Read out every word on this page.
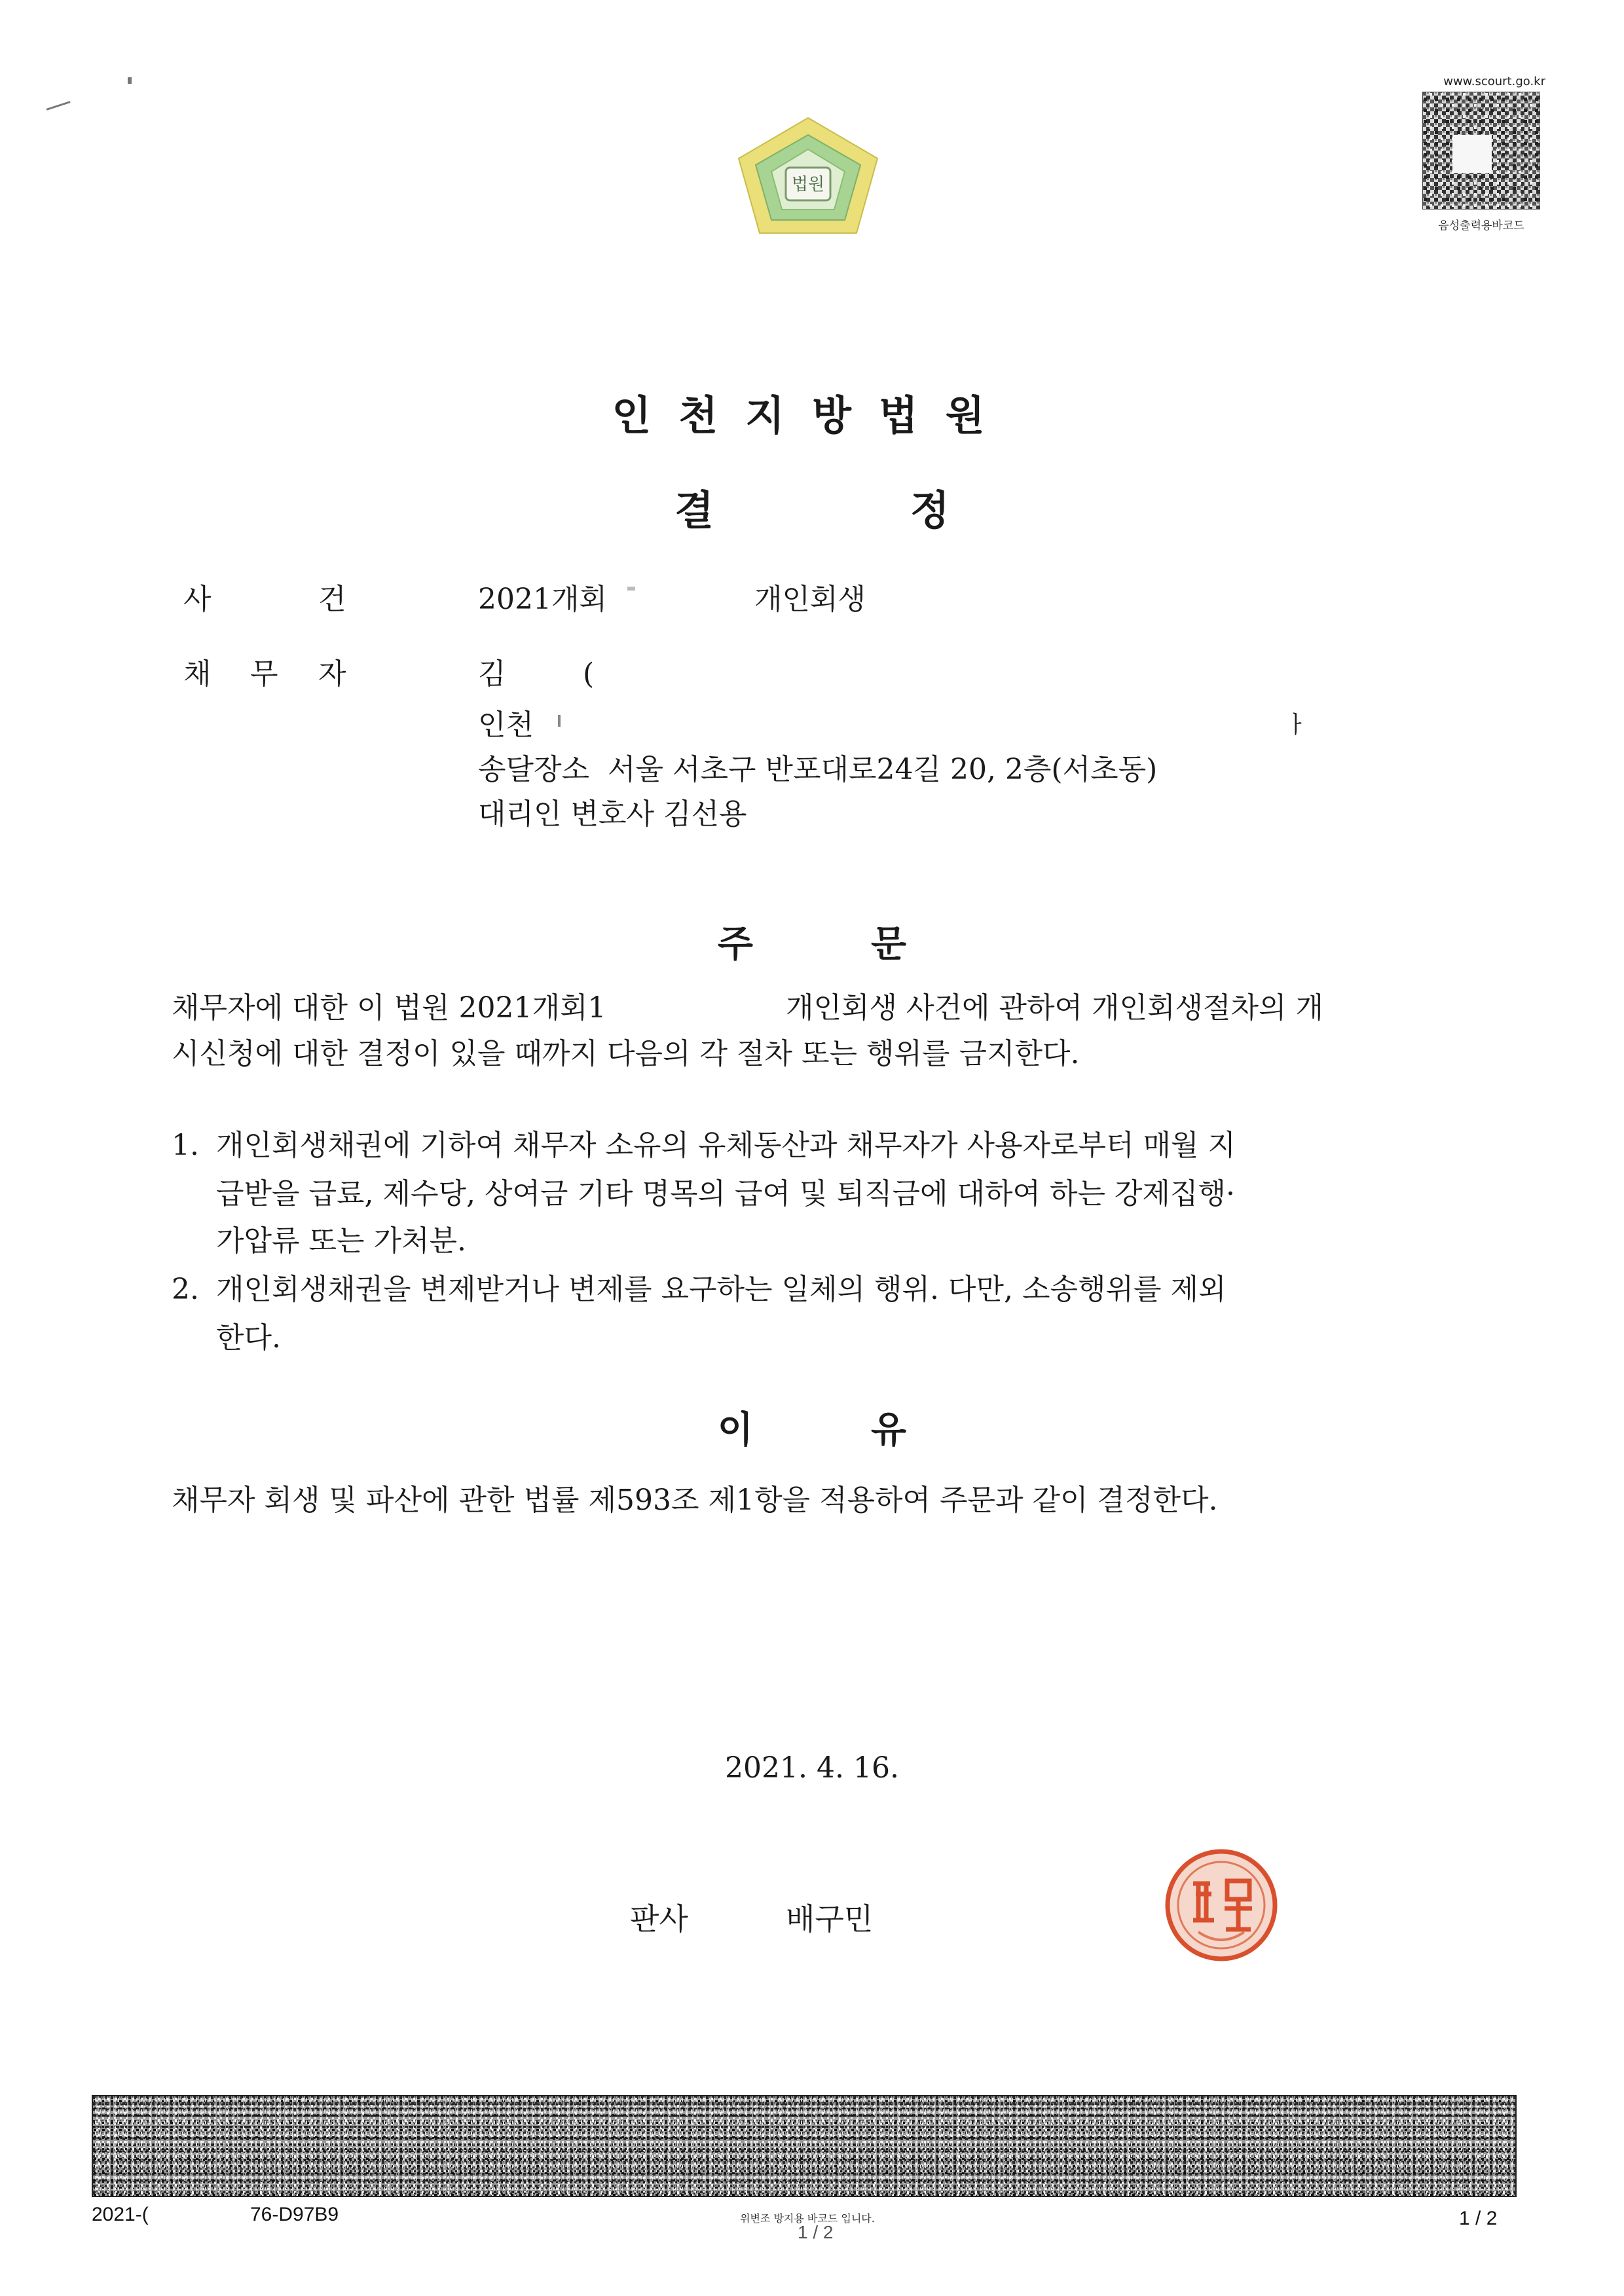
법원
www.scourt.go.kr
음성출력용바코드
인천지방법원
결	정
사	건	2021개회	개인회생
채 무 자	김	(
인천	ㅏ
송달장소  서울 서초구 반포대로24길 20, 2층(서초동)
대리인 변호사 김선용
주	문
채무자에 대한 이 법원 2021개회1	개인회생 사건에 관하여 개인회생절차의 개
시신청에 대한 결정이 있을 때까지 다음의 각 절차 또는 행위를 금지한다.
1. 개인회생채권에 기하여 채무자 소유의 유체동산과 채무자가 사용자로부터 매월 지
급받을 급료, 제수당, 상여금 기타 명목의 급여 및 퇴직금에 대하여 하는 강제집행·
가압류 또는 가처분.
2. 개인회생채권을 변제받거나 변제를 요구하는 일체의 행위. 다만, 소송행위를 제외
한다.
이	유
채무자 회생 및 파산에 관한 법률 제593조 제1항을 적용하여 주문과 같이 결정한다.
2021. 4. 16.
판사	배구민
2021-(	76-D97B9	위변조 방지용 바코드 입니다.
1 / 2
1 / 2
